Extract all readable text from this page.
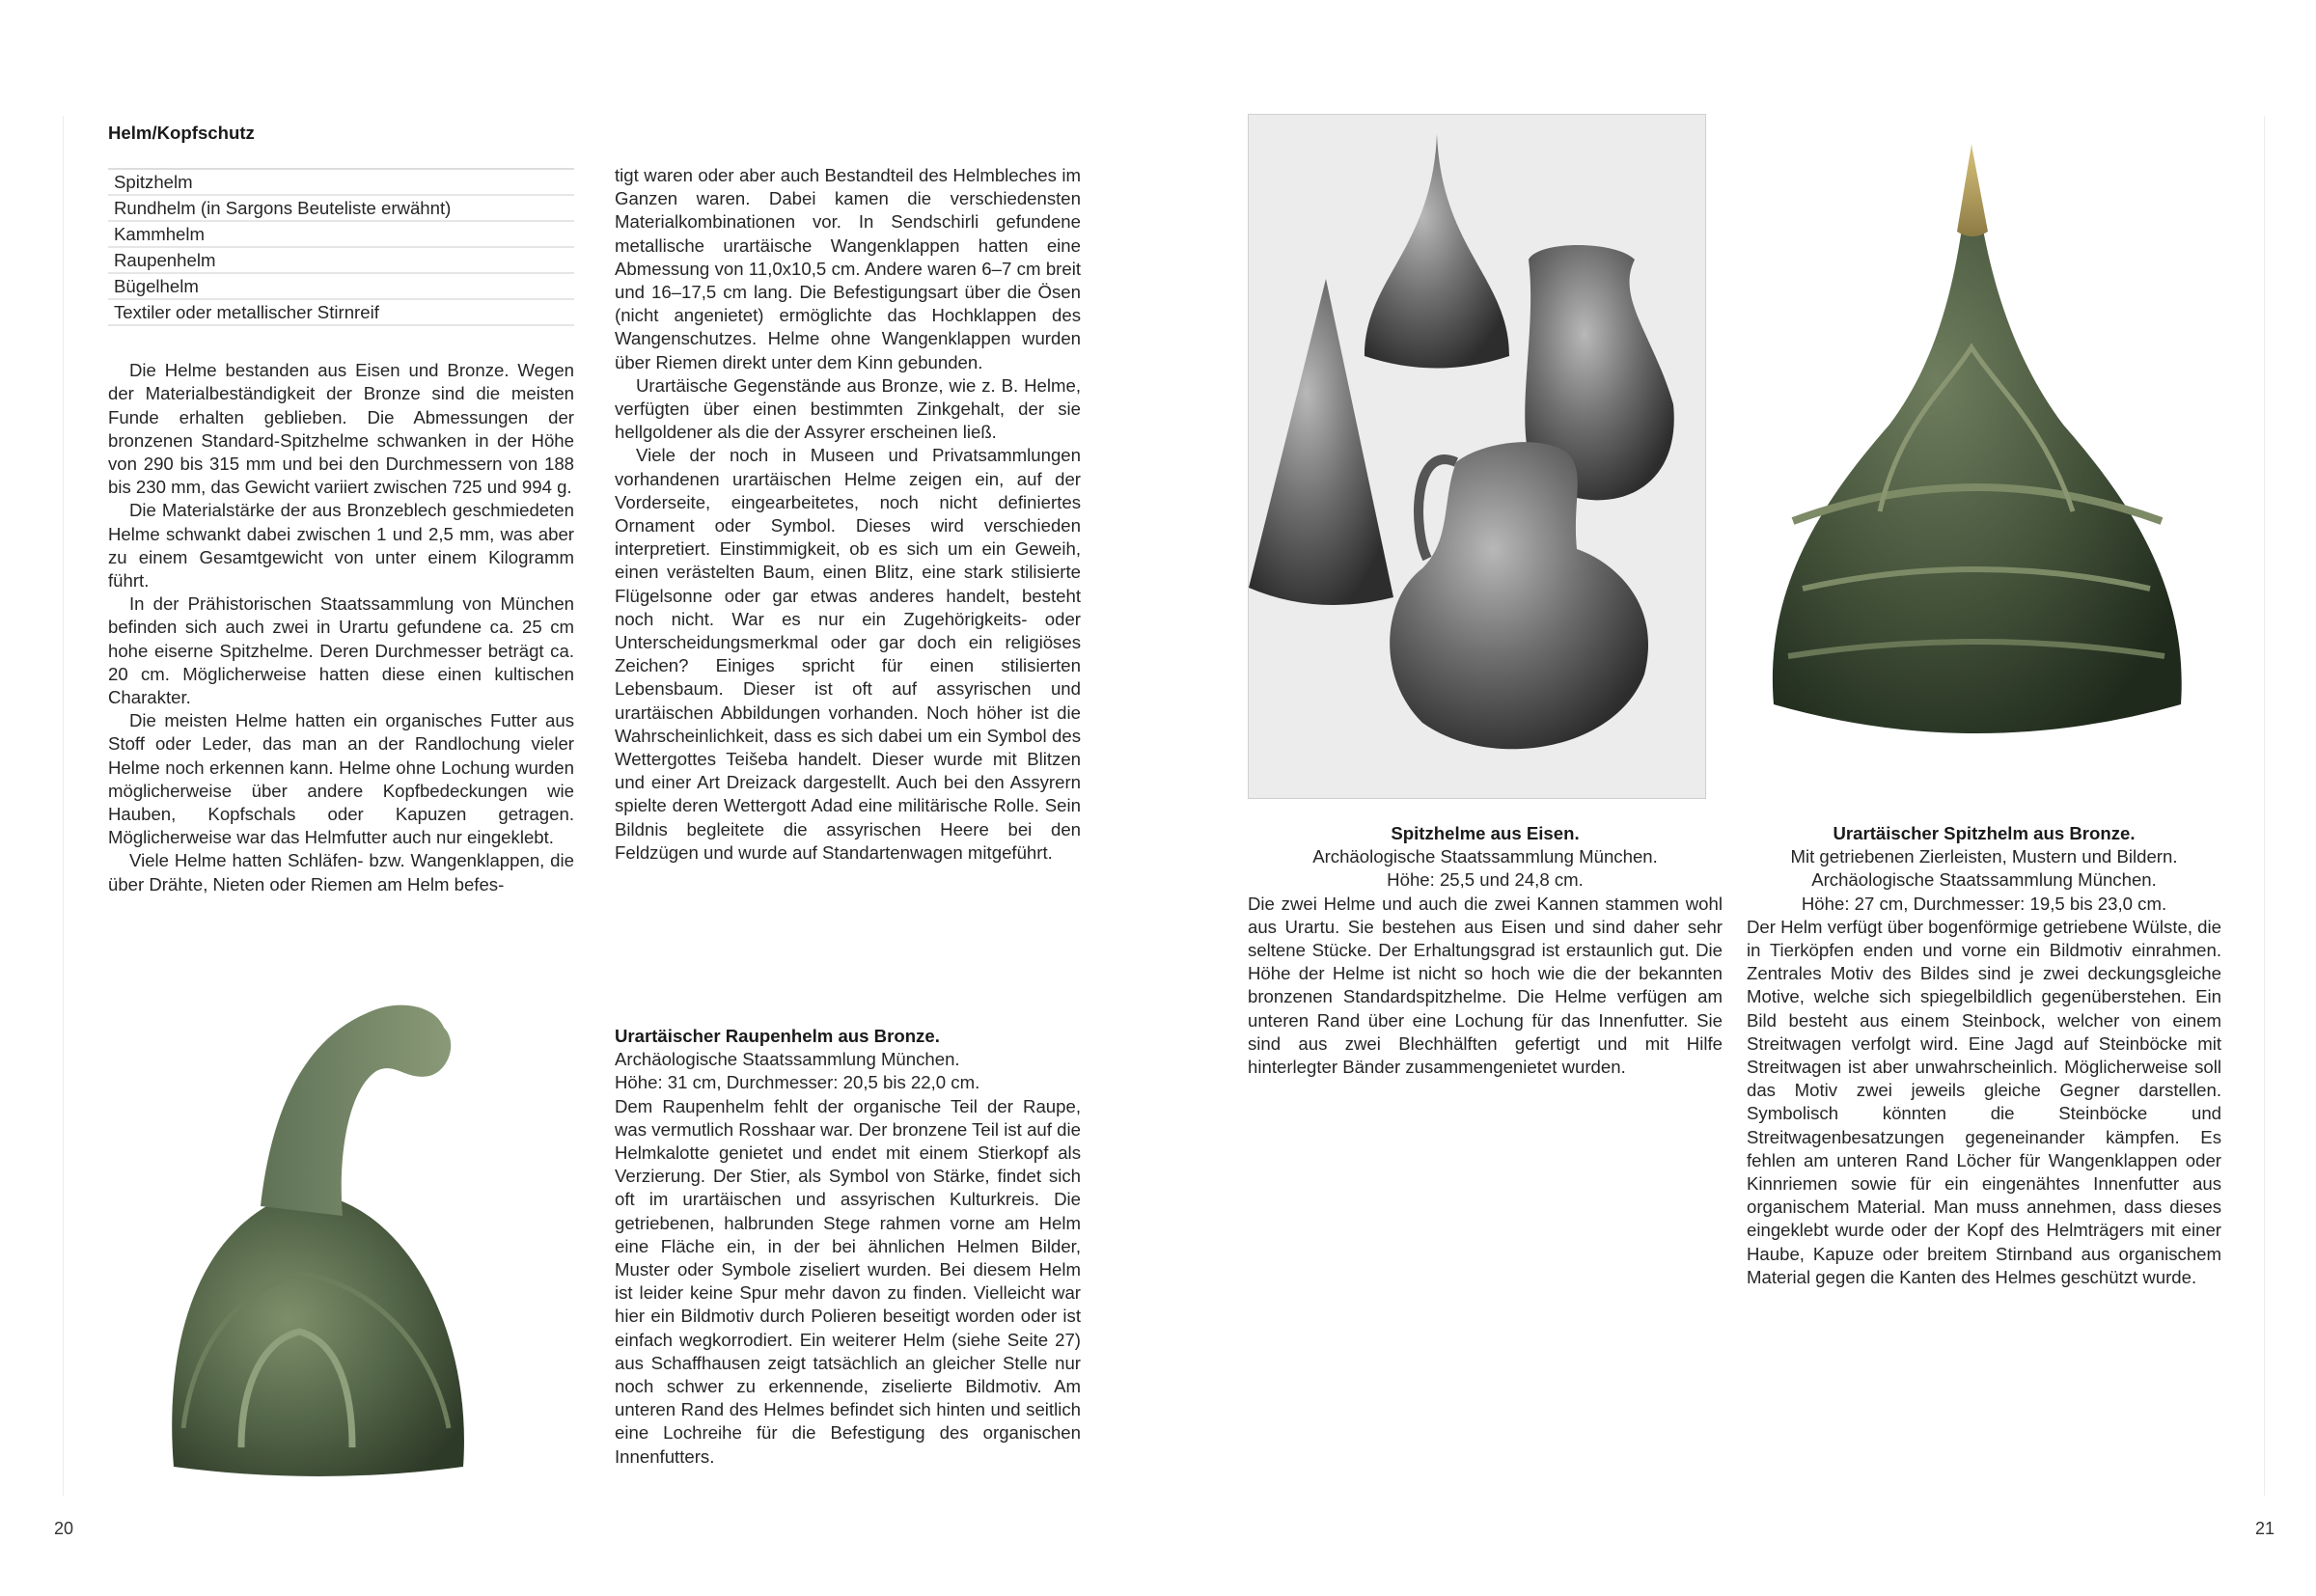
Helm/Kopfschutz
Spitzhelm
Rundhelm (in Sargons Beuteliste erwähnt)
Kammhelm
Raupenhelm
Bügelhelm
Textiler oder metallischer Stirnreif

Die Helme bestanden aus Eisen und Bronze. Wegen der Materialbeständigkeit der Bronze sind die meisten Funde erhalten geblieben. Die Abmessungen der bronzenen Standard-Spitzhelme schwanken in der Höhe von 290 bis 315 mm und bei den Durchmessern von 188 bis 230 mm, das Gewicht variiert zwischen 725 und 994 g.

Die Materialstärke der aus Bronzeblech geschmiedeten Helme schwankt dabei zwischen 1 und 2,5 mm, was aber zu einem Gesamtgewicht von unter einem Kilogramm führt.

In der Prähistorischen Staatssammlung von München befinden sich auch zwei in Urartu gefundene ca. 25 cm hohe eiserne Spitzhelme. Deren Durchmesser beträgt ca. 20 cm. Möglicherweise hatten diese einen kultischen Charakter.

Die meisten Helme hatten ein organisches Futter aus Stoff oder Leder, das man an der Randlochung vieler Helme noch erkennen kann. Helme ohne Lochung wurden möglicherweise über andere Kopfbedeckungen wie Hauben, Kopfschals oder Kapuzen getragen. Möglicherweise war das Helmfutter auch nur eingeklebt.

Viele Helme hatten Schläfen- bzw. Wangenklappen, die über Drähte, Nieten oder Riemen am Helm befes-

tigt waren oder aber auch Bestandteil des Helmbleches im Ganzen waren. Dabei kamen die verschiedensten Materialkombinationen vor. In Sendschirli gefundene metallische urartäische Wangenklappen hatten eine Abmessung von 11,0x10,5 cm. Andere waren 6–7 cm breit und 16–17,5 cm lang. Die Befestigungsart über die Ösen (nicht angenietet) ermöglichte das Hochklappen des Wangenschutzes. Helme ohne Wangenklappen wurden über Riemen direkt unter dem Kinn gebunden.

Urartäische Gegenstände aus Bronze, wie z. B. Helme, verfügten über einen bestimmten Zinkgehalt, der sie hellgoldener als die der Assyrer erscheinen ließ.

Viele der noch in Museen und Privatsammlungen vorhandenen urartäischen Helme zeigen ein, auf der Vorderseite, eingearbeitetes, noch nicht definiertes Ornament oder Symbol. Dieses wird verschieden interpretiert. Einstimmigkeit, ob es sich um ein Geweih, einen verästelten Baum, einen Blitz, eine stark stilisierte Flügelsonne oder gar etwas anderes handelt, besteht noch nicht. War es nur ein Zugehörigkeits- oder Unterscheidungsmerkmal oder gar doch ein religiöses Zeichen? Einiges spricht für einen stilisierten Lebensbaum. Dieser ist oft auf assyrischen und urartäischen Abbildungen vorhanden. Noch höher ist die Wahrscheinlichkeit, dass es sich dabei um ein Symbol des Wettergottes Teišeba handelt. Dieser wurde mit Blitzen und einer Art Dreizack dargestellt. Auch bei den Assyrern spielte deren Wettergott Adad eine militärische Rolle. Sein Bildnis begleitete die assyrischen Heere bei den Feldzügen und wurde auf Standartenwagen mitgeführt.

Urartäischer Raupenhelm aus Bronze.
Archäologische Staatssammlung München.
Höhe: 31 cm, Durchmesser: 20,5 bis 22,0 cm.

Dem Raupenhelm fehlt der organische Teil der Raupe, was vermutlich Rosshaar war. Der bronzene Teil ist auf die Helmkalotte genietet und endet mit einem Stierkopf als Verzierung. Der Stier, als Symbol von Stärke, findet sich oft im urartäischen und assyrischen Kulturkreis. Die getriebenen, halbrunden Stege rahmen vorne am Helm eine Fläche ein, in der bei ähnlichen Helmen Bilder, Muster oder Symbole ziseliert wurden. Bei diesem Helm ist leider keine Spur mehr davon zu finden. Vielleicht war hier ein Bildmotiv durch Polieren beseitigt worden oder ist einfach wegkorrodiert. Ein weiterer Helm (siehe Seite 27) aus Schaffhausen zeigt tatsächlich an gleicher Stelle nur noch schwer zu erkennende, ziselierte Bildmotiv. Am unteren Rand des Helmes befindet sich hinten und seitlich eine Lochreihe für die Befestigung des organischen Innenfutters.

20
Spitzhelme aus Eisen.
Archäologische Staatssammlung München.
Höhe: 25,5 und 24,8 cm.

Die zwei Helme und auch die zwei Kannen stammen wohl aus Urartu. Sie bestehen aus Eisen und sind daher sehr seltene Stücke. Der Erhaltungsgrad ist erstaunlich gut. Die Höhe der Helme ist nicht so hoch wie die der bekannten bronzenen Standardspitzhelme. Die Helme verfügen am unteren Rand über eine Lochung für das Innenfutter. Sie sind aus zwei Blechhälften gefertigt und mit Hilfe hinterlegter Bänder zusammengenietet wurden.

Urartäischer Spitzhelm aus Bronze.
Mit getriebenen Zierleisten, Mustern und Bildern.
Archäologische Staatssammlung München.
Höhe: 27 cm, Durchmesser: 19,5 bis 23,0 cm.

Der Helm verfügt über bogenförmige getriebene Wülste, die in Tierköpfen enden und vorne ein Bildmotiv einrahmen. Zentrales Motiv des Bildes sind je zwei deckungsgleiche Motive, welche sich spiegelbildlich gegenüberstehen. Ein Bild besteht aus einem Steinbock, welcher von einem Streitwagen verfolgt wird. Eine Jagd auf Steinböcke mit Streitwagen ist aber unwahrscheinlich. Möglicherweise soll das Motiv zwei jeweils gleiche Gegner darstellen. Symbolisch könnten die Steinböcke und Streitwagenbesatzungen gegeneinander kämpfen. Es fehlen am unteren Rand Löcher für Wangenklappen oder Kinnriemen sowie für ein eingenähtes Innenfutter aus organischem Material. Man muss annehmen, dass dieses eingeklebt wurde oder der Kopf des Helmträgers mit einer Haube, Kapuze oder breitem Stirnband aus organischem Material gegen die Kanten des Helmes geschützt wurde.

21
